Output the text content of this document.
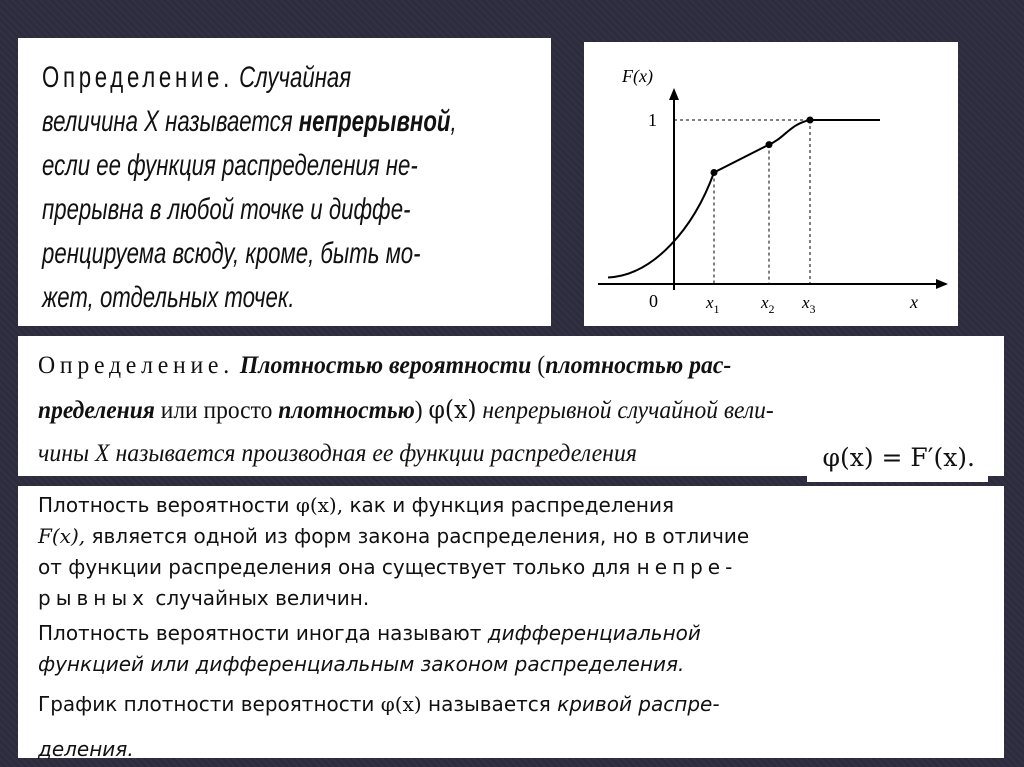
Определение. Случайная
величина X называется непрерывной,
если ее функция распределения не-
прерывна в любой точке и диффе-
ренцируема всюду, кроме, быть мо-
жет, отдельных точек.	$x_1$ $x_2$ $x_3$
0	x
1
F(x)
Определение. Плотностью вероятности (плотностью рас-
пределения или просто плотностью) φ(x) непрерывной случайной вели-
чины X называется производная ее функции распределения	φ(x) = F′(x).
Плотность вероятности φ(x), как и функция распределения
F(x), является одной из форм закона распределения, но в отличие
от функции распределения она существует только для непре-
рывных случайных величин.
Плотность вероятности иногда называют дифференциальной
функцией или дифференциальным законом распределения.
График плотности вероятности φ(x) называется кривой распре-
деления.
